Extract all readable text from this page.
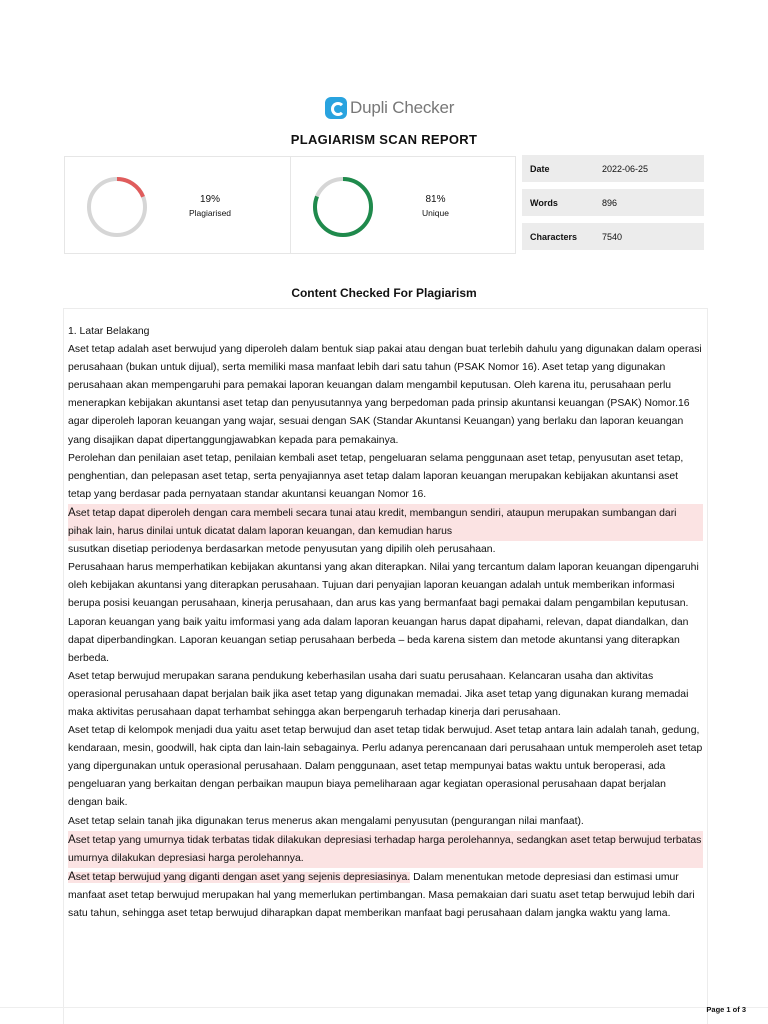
Dupli Checker
PLAGIARISM SCAN REPORT
19%
Plagiarised
81%
Unique
Date	2022-06-25
Words	896
Characters	7540
Content Checked For Plagiarism

1. Latar Belakang

Aset tetap adalah aset berwujud yang diperoleh dalam bentuk siap pakai atau dengan buat terlebih dahulu yang digunakan dalam operasi perusahaan (bukan untuk dijual), serta memiliki masa manfaat lebih dari satu tahun (PSAK Nomor 16). Aset tetap yang digunakan perusahaan akan mempengaruhi para pemakai laporan keuangan dalam mengambil keputusan. Oleh karena itu, perusahaan perlu menerapkan kebijakan akuntansi aset tetap dan penyusutannya yang berpedoman pada prinsip akuntansi keuangan (PSAK) Nomor.16 agar diperoleh laporan keuangan yang wajar, sesuai dengan SAK (Standar Akuntansi Keuangan) yang berlaku dan laporan keuangan yang disajikan dapat dipertanggungjawabkan kepada para pemakainya.

Perolehan dan penilaian aset tetap, penilaian kembali aset tetap, pengeluaran selama penggunaan aset tetap, penyusutan aset tetap, penghentian, dan pelepasan aset tetap, serta penyajiannya aset tetap dalam laporan keuangan merupakan kebijakan akuntansi aset tetap yang berdasar pada pernyataan standar akuntansi keuangan Nomor 16.

Aset tetap dapat diperoleh dengan cara membeli secara tunai atau kredit, membangun sendiri, ataupun merupakan sumbangan dari pihak lain, harus dinilai untuk dicatat dalam laporan keuangan, dan kemudian harus

susutkan disetiap periodenya berdasarkan metode penyusutan yang dipilih oleh perusahaan.

Perusahaan harus memperhatikan kebijakan akuntansi yang akan diterapkan. Nilai yang tercantum dalam laporan keuangan dipengaruhi oleh kebijakan akuntansi yang diterapkan perusahaan. Tujuan dari penyajian laporan keuangan adalah untuk memberikan informasi berupa posisi keuangan perusahaan, kinerja perusahaan, dan arus kas yang bermanfaat bagi pemakai dalam pengambilan keputusan. Laporan keuangan yang baik yaitu imformasi yang ada dalam laporan keuangan harus dapat dipahami, relevan, dapat diandalkan, dan dapat diperbandingkan. Laporan keuangan setiap perusahaan berbeda – beda karena sistem dan metode akuntansi yang diterapkan berbeda.

Aset tetap berwujud merupakan sarana pendukung keberhasilan usaha dari suatu perusahaan. Kelancaran usaha dan aktivitas operasional perusahaan dapat berjalan baik jika aset tetap yang digunakan memadai. Jika aset tetap yang digunakan kurang memadai maka aktivitas perusahaan dapat terhambat sehingga akan berpengaruh terhadap kinerja dari perusahaan.

Aset tetap di kelompok menjadi dua yaitu aset tetap berwujud dan aset tetap tidak berwujud. Aset tetap antara lain adalah tanah, gedung, kendaraan, mesin, goodwill, hak cipta dan lain-lain sebagainya. Perlu adanya perencanaan dari perusahaan untuk memperoleh aset tetap yang dipergunakan untuk operasional perusahaan. Dalam penggunaan, aset tetap mempunyai batas waktu untuk beroperasi, ada pengeluaran yang berkaitan dengan perbaikan maupun biaya pemeliharaan agar kegiatan operasional perusahaan dapat berjalan dengan baik.

Aset tetap selain tanah jika digunakan terus menerus akan mengalami penyusutan (pengurangan nilai manfaat).

Aset tetap yang umurnya tidak terbatas tidak dilakukan depresiasi terhadap harga perolehannya, sedangkan aset tetap berwujud terbatas umurnya dilakukan depresiasi harga perolehannya.

Aset tetap berwujud yang diganti dengan aset yang sejenis depresiasinya. Dalam menentukan metode depresiasi dan estimasi umur manfaat aset tetap berwujud merupakan hal yang memerlukan pertimbangan. Masa pemakaian dari suatu aset tetap berwujud lebih dari satu tahun, sehingga aset tetap berwujud diharapkan dapat memberikan manfaat bagi perusahaan dalam jangka waktu yang lama.

Page 1 of 3
